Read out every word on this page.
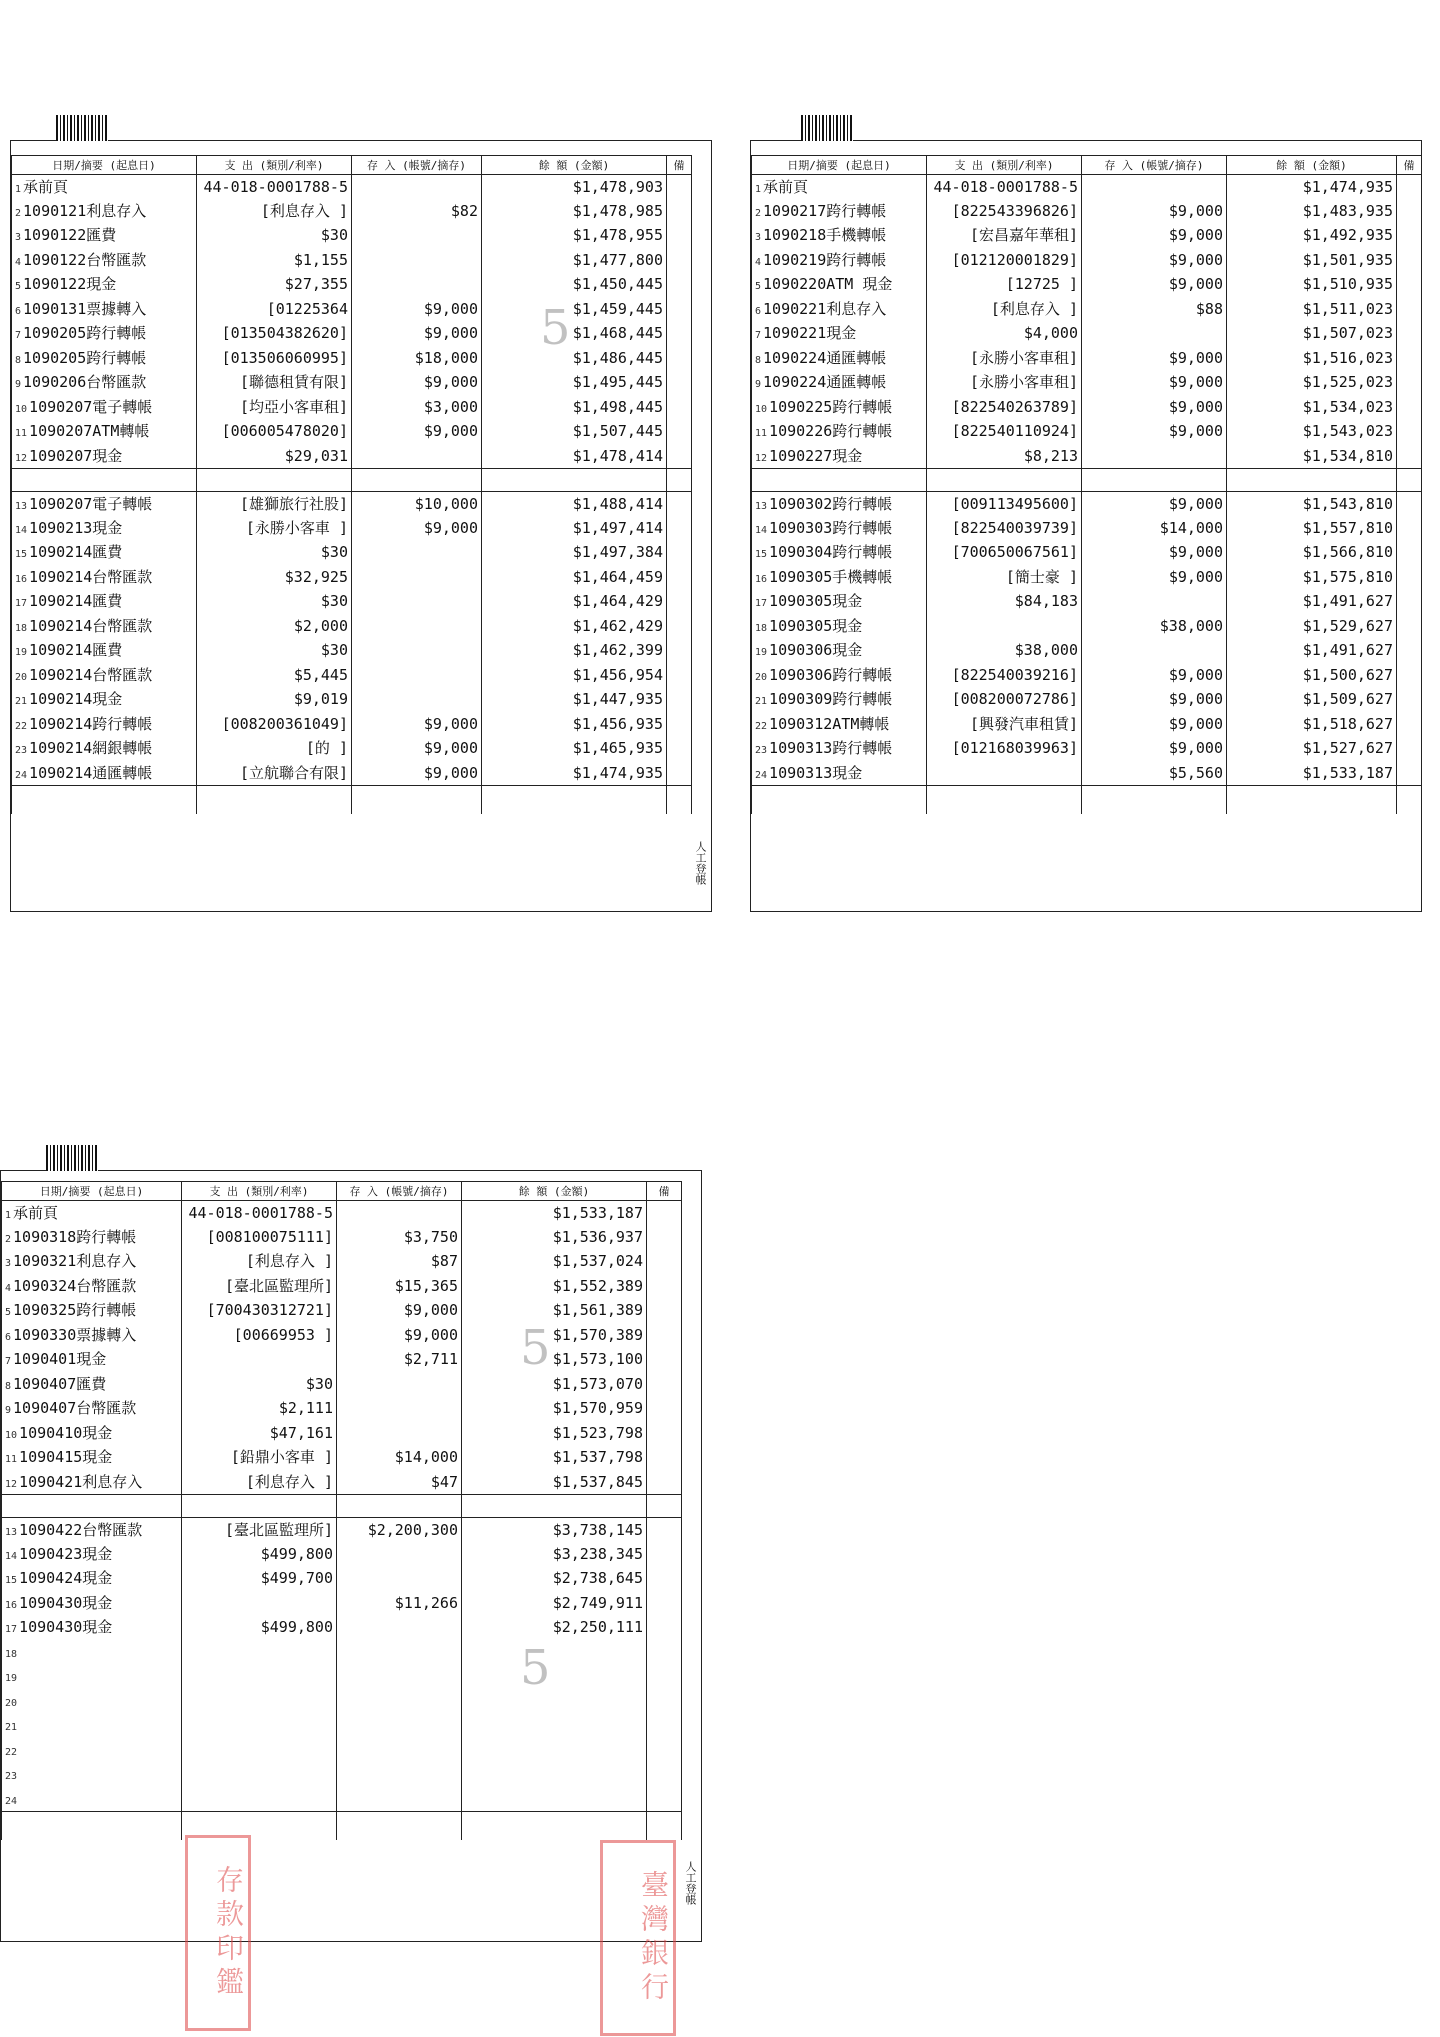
日期/摘要 (起息日)	支 出 (類別/利率)	存 入 (帳號/摘存)	餘 額 (金額)	備
1 承前頁	44-018-0001788-5		$1,478,903	
2 1090121利息存入	[利息存入 ]	$82	$1,478,985	
3 1090122匯費	$30		$1,478,955	
4 1090122台幣匯款	$1,155		$1,477,800	
5 1090122現金	$27,355		$1,450,445	
6 1090131票據轉入	[01225364	$9,000	$1,459,445	
7 1090205跨行轉帳	[013504382620]	$9,000	$1,468,445	
8 1090205跨行轉帳	[013506060995]	$18,000	$1,486,445	
9 1090206台幣匯款	[聯德租賃有限]	$9,000	$1,495,445	
10 1090207電子轉帳	[均亞小客車租]	$3,000	$1,498,445	
11 1090207ATM轉帳	[006005478020]	$9,000	$1,507,445	
12 1090207現金	$29,031		$1,478,414	

13 1090207電子轉帳	[雄獅旅行社股]	$10,000	$1,488,414	
14 1090213現金	[永勝小客車 ]	$9,000	$1,497,414	
15 1090214匯費	$30		$1,497,384	
16 1090214台幣匯款	$32,925		$1,464,459	
17 1090214匯費	$30		$1,464,429	
18 1090214台幣匯款	$2,000		$1,462,429	
19 1090214匯費	$30		$1,462,399	
20 1090214台幣匯款	$5,445		$1,456,954	
21 1090214現金	$9,019		$1,447,935	
22 1090214跨行轉帳	[008200361049]	$9,000	$1,456,935	
23 1090214網銀轉帳	[的 ]	$9,000	$1,465,935	
24 1090214通匯轉帳	[立航聯合有限]	$9,000	$1,474,935	

人工登帳
5
日期/摘要 (起息日)	支 出 (類別/利率)	存 入 (帳號/摘存)	餘 額 (金額)	備
1 承前頁	44-018-0001788-5		$1,474,935	
2 1090217跨行轉帳	[822543396826]	$9,000	$1,483,935	
3 1090218手機轉帳	[宏昌嘉年華租]	$9,000	$1,492,935	
4 1090219跨行轉帳	[012120001829]	$9,000	$1,501,935	
5 1090220ATM 現金	[12725 ]	$9,000	$1,510,935	
6 1090221利息存入	[利息存入 ]	$88	$1,511,023	
7 1090221現金	$4,000		$1,507,023	
8 1090224通匯轉帳	[永勝小客車租]	$9,000	$1,516,023	
9 1090224通匯轉帳	[永勝小客車租]	$9,000	$1,525,023	
10 1090225跨行轉帳	[822540263789]	$9,000	$1,534,023	
11 1090226跨行轉帳	[822540110924]	$9,000	$1,543,023	
12 1090227現金	$8,213		$1,534,810	

13 1090302跨行轉帳	[009113495600]	$9,000	$1,543,810	
14 1090303跨行轉帳	[822540039739]	$14,000	$1,557,810	
15 1090304跨行轉帳	[700650067561]	$9,000	$1,566,810	
16 1090305手機轉帳	[簡士豪 ]	$9,000	$1,575,810	
17 1090305現金	$84,183		$1,491,627	
18 1090305現金		$38,000	$1,529,627	
19 1090306現金	$38,000		$1,491,627	
20 1090306跨行轉帳	[822540039216]	$9,000	$1,500,627	
21 1090309跨行轉帳	[008200072786]	$9,000	$1,509,627	
22 1090312ATM轉帳	[興發汽車租賃]	$9,000	$1,518,627	
23 1090313跨行轉帳	[012168039963]	$9,000	$1,527,627	
24 1090313現金		$5,560	$1,533,187	

日期/摘要 (起息日)	支 出 (類別/利率)	存 入 (帳號/摘存)	餘 額 (金額)	備
1 承前頁	44-018-0001788-5		$1,533,187	
2 1090318跨行轉帳	[008100075111]	$3,750	$1,536,937	
3 1090321利息存入	[利息存入 ]	$87	$1,537,024	
4 1090324台幣匯款	[臺北區監理所]	$15,365	$1,552,389	
5 1090325跨行轉帳	[700430312721]	$9,000	$1,561,389	
6 1090330票據轉入	[00669953 ]	$9,000	$1,570,389	
7 1090401現金		$2,711	$1,573,100	
8 1090407匯費	$30		$1,573,070	
9 1090407台幣匯款	$2,111		$1,570,959	
10 1090410現金	$47,161		$1,523,798	
11 1090415現金	[鉛鼎小客車 ]	$14,000	$1,537,798	
12 1090421利息存入	[利息存入 ]	$47	$1,537,845	

13 1090422台幣匯款	[臺北區監理所]	$2,200,300	$3,738,145	
14 1090423現金	$499,800		$3,238,345	
15 1090424現金	$499,700		$2,738,645	
16 1090430現金		$11,266	$2,749,911	
17 1090430現金	$499,800		$2,250,111	
18				
19				
20				
21				
22				
23				
24				

人工登帳
5
5
存款印鑑	臺灣銀行
